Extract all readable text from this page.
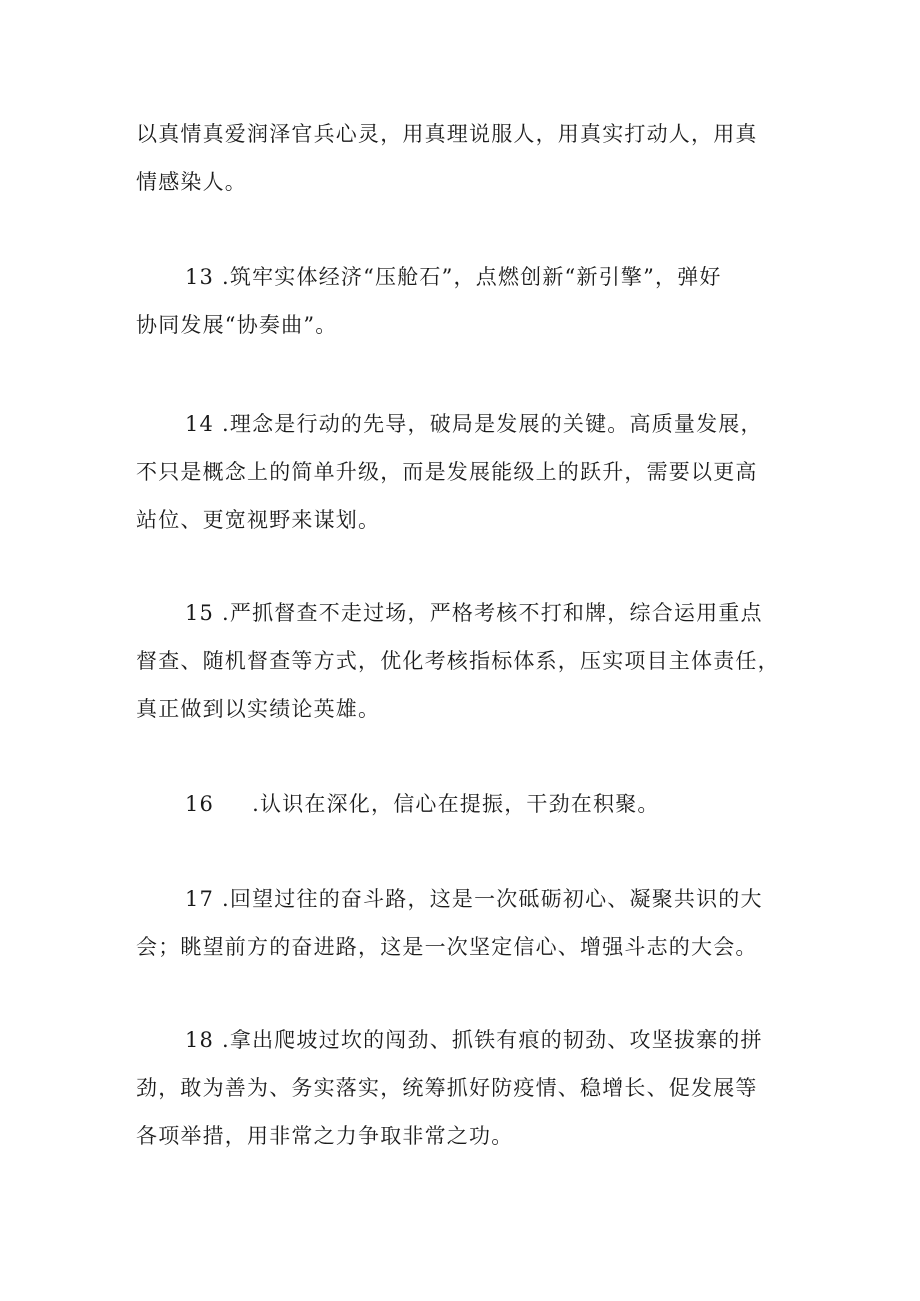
以真情真爱润泽官兵心灵，用真理说服人，用真实打动人，用真
情感染人。
13 .筑牢实体经济“压舱石”，点燃创新“新引擎”，弹好
协同发展“协奏曲”。
14 .理念是行动的先导，破局是发展的关键。高质量发展，
不只是概念上的简单升级，而是发展能级上的跃升，需要以更高
站位、更宽视野来谋划。
15 .严抓督查不走过场，严格考核不打和牌，综合运用重点
督查、随机督查等方式，优化考核指标体系，压实项目主体责任，
真正做到以实绩论英雄。
16 .认识在深化，信心在提振，干劲在积聚。
17 .回望过往的奋斗路，这是一次砥砺初心、凝聚共识的大
会；眺望前方的奋进路，这是一次坚定信心、增强斗志的大会。
18 .拿出爬坡过坎的闯劲、抓铁有痕的韧劲、攻坚拔寨的拼
劲，敢为善为、务实落实，统筹抓好防疫情、稳增长、促发展等
各项举措，用非常之力争取非常之功。
